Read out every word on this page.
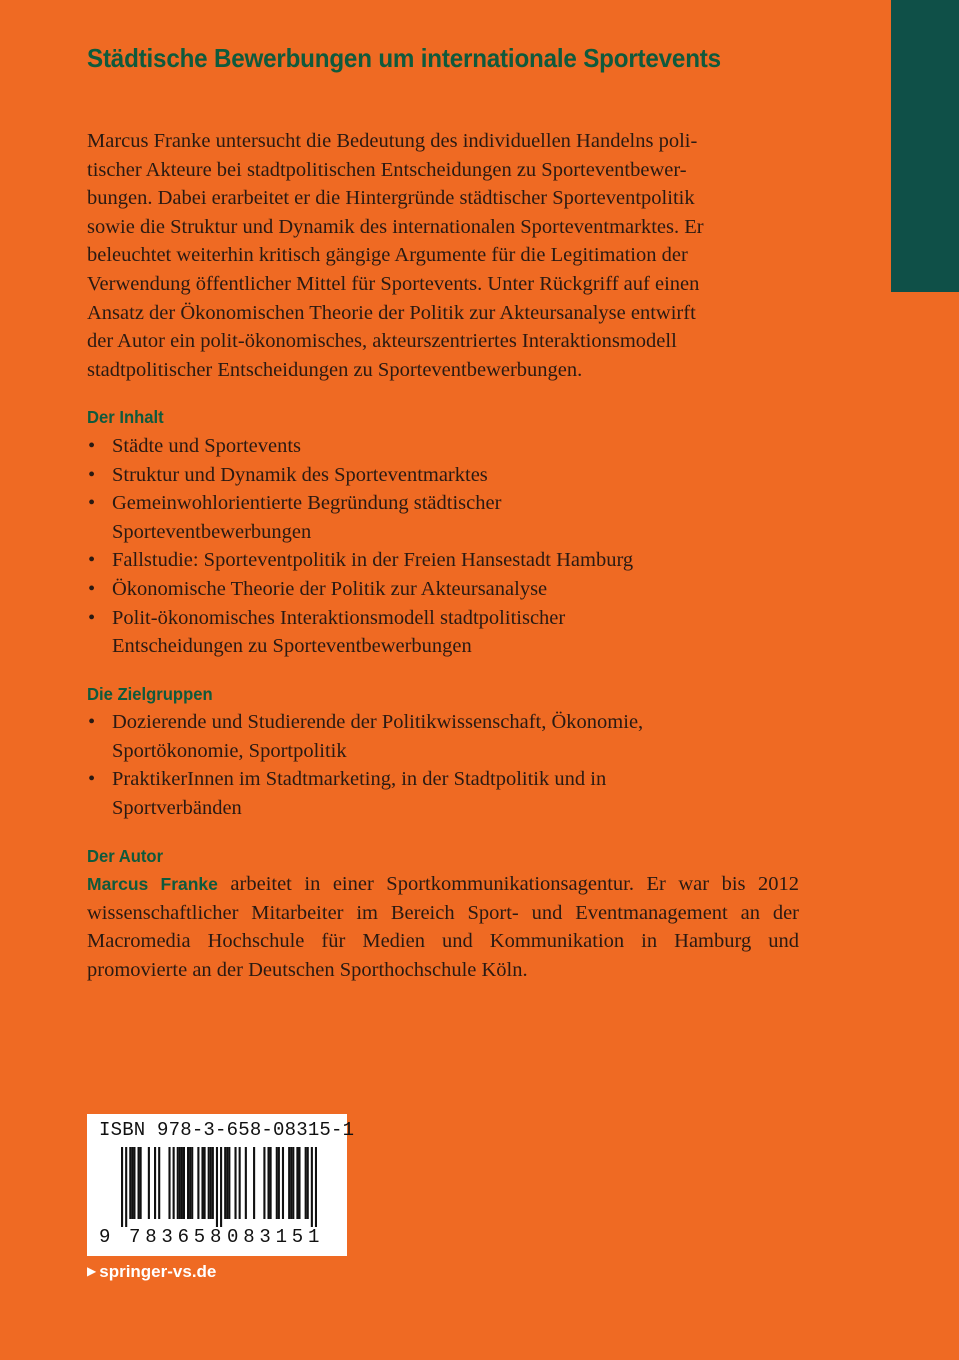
Städtische Bewerbungen um internationale Sportevents

Marcus Franke untersucht die Bedeutung des individuellen Handelns poli-

tischer Akteure bei stadtpolitischen Entscheidungen zu Sporteventbewer-

bungen. Dabei erarbeitet er die Hintergründe städtischer Sporteventpolitik

sowie die Struktur und Dynamik des internationalen Sporteventmarktes. Er

beleuchtet weiterhin kritisch gängige Argumente für die Legitimation der

Verwendung öffentlicher Mittel für Sportevents. Unter Rückgriff auf einen

Ansatz der Ökonomischen Theorie der Politik zur Akteursanalyse entwirft

der Autor ein polit-ökonomisches, akteurszentriertes Interaktionsmodell

stadtpolitischer Entscheidungen zu Sporteventbewerbungen.

Der Inhalt
• Städte und Sportevents
• Struktur und Dynamik des Sporteventmarktes
• Gemeinwohlorientierte Begründung städtischer Sporteventbewerbungen
• Fallstudie: Sporteventpolitik in der Freien Hansestadt Hamburg
• Ökonomische Theorie der Politik zur Akteursanalyse
• Polit-ökonomisches Interaktionsmodell stadtpolitischer Entscheidungen zu Sporteventbewerbungen
Die Zielgruppen
• Dozierende und Studierende der Politikwissenschaft, Ökonomie, Sportökonomie, Sportpolitik
• PraktikerInnen im Stadtmarketing, in der Stadtpolitik und in Sportverbänden
Der Autor

Marcus Franke arbeitet in einer Sportkommunikationsagentur. Er war bis 2012 wissenschaftlicher Mitarbeiter im Bereich Sport- und Eventmanagement an der Macromedia Hochschule für Medien und Kommunikation in Hamburg und promovierte an der Deutschen Sporthochschule Köln.

ISBN 978-3-658-08315-1
9 783658 083151
▶ springer-vs.de
